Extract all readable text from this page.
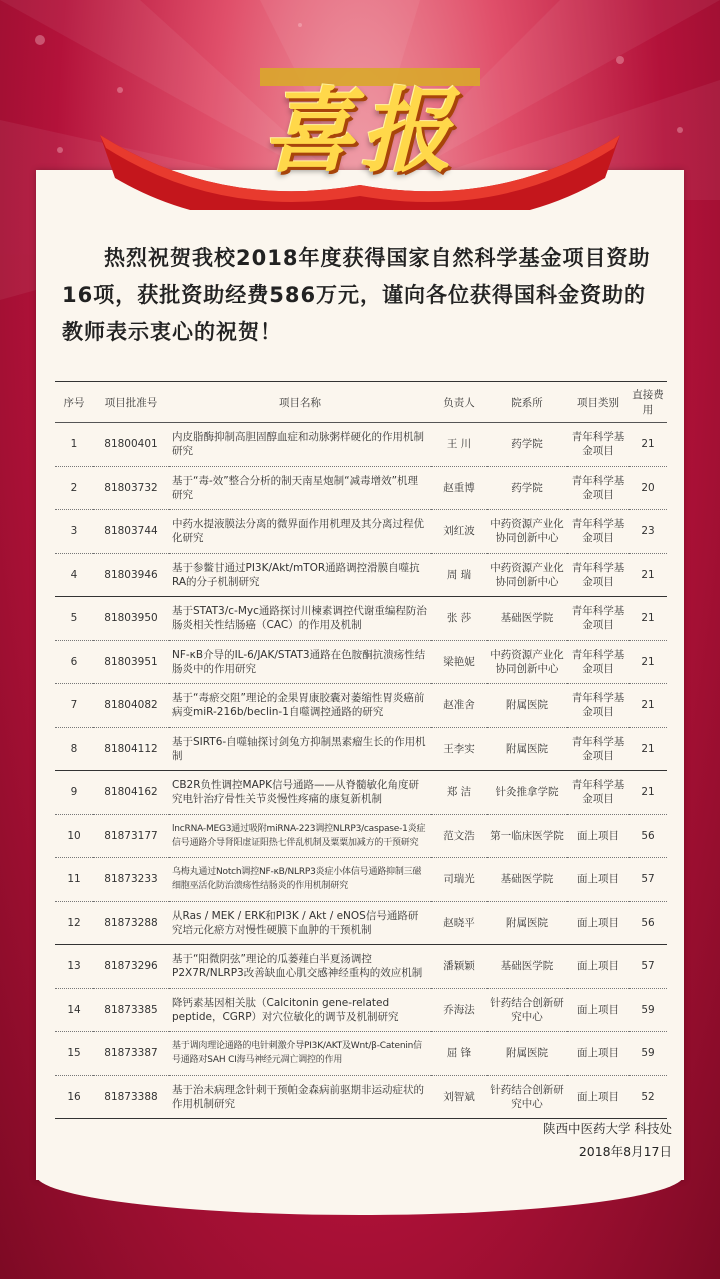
喜报
热烈祝贺我校2018年度获得国家自然科学基金项目资助16项，获批资助经费586万元，谨向各位获得国科金资助的教师表示衷心的祝贺！
序号	项目批准号	项目名称	负责人	院系所	项目类别	直接费用
1	81800401	内皮脂酶抑制高胆固醇血症和动脉粥样硬化的作用机制研究	王 川	药学院	青年科学基金项目	21
2	81803732	基于“毒-效”整合分析的制天南星炮制“减毒增效”机理研究	赵重博	药学院	青年科学基金项目	20
3	81803744	中药水提液膜法分离的微界面作用机理及其分离过程优化研究	刘红波	中药资源产业化协同创新中心	青年科学基金项目	23
4	81803946	基于参鳖甘通过PI3K/Akt/mTOR通路调控滑膜自噬抗RA的分子机制研究	周 瑞	中药资源产业化协同创新中心	青年科学基金项目	21
5	81803950	基于STAT3/c-Myc通路探讨川楝素调控代谢重编程防治肠炎相关性结肠癌（CAC）的作用及机制	张 莎	基础医学院	青年科学基金项目	21
6	81803951	NF-κB介导的IL-6/JAK/STAT3通路在色胺酮抗溃疡性结肠炎中的作用研究	梁艳妮	中药资源产业化协同创新中心	青年科学基金项目	21
7	81804082	基于“毒瘀交阻”理论的金果胃康胶囊对萎缩性胃炎癌前病变miR-216b/beclin-1自噬调控通路的研究	赵准舍	附属医院	青年科学基金项目	21
8	81804112	基于SIRT6-自噬轴探讨剑兔方抑制黑素瘤生长的作用机制	王李实	附属医院	青年科学基金项目	21
9	81804162	CB2R负性调控MAPK信号通路——从脊髓敏化角度研究电针治疗骨性关节炎慢性疼痛的康复新机制	郑 洁	针灸推拿学院	青年科学基金项目	21
10	81873177	lncRNA-MEG3通过吸附miRNA-223调控NLRP3/caspase-1炎症信号通路介导肾阳虚证阳热七伴乱机制及粟粟加减方的干预研究	范文浩	第一临床医学院	面上项目	56
11	81873233	乌梅丸通过Notch调控NF-κB/NLRP3炎症小体信号通路抑制三磁细胞巫活化防治溃疡性结肠炎的作用机制研究	司瑞光	基础医学院	面上项目	57
12	81873288	从Ras / MEK / ERK和PI3K / Akt / eNOS信号通路研究培元化瘀方对慢性硬膜下血肿的干预机制	赵晓平	附属医院	面上项目	56
13	81873296	基于“阳微阴弦”理论的瓜蒌薤白半夏汤调控P2X7R/NLRP3改善缺血心肌交感神经重构的效应机制	潘颖颖	基础医学院	面上项目	57
14	81873385	降钙素基因相关肽（Calcitonin gene-related peptide，CGRP）对穴位敏化的调节及机制研究	乔海法	针药结合创新研究中心	面上项目	59
15	81873387	基于调肉理论通路的电针刺激介导PI3K/AKT及Wnt/β-Catenin信号通路对SAH CI海马神经元凋亡调控的作用	屈 锋	附属医院	面上项目	59
16	81873388	基于治未病理念针刺干预帕金森病前驱期非运动症状的作用机制研究	刘智斌	针药结合创新研究中心	面上项目	52
陕西中医药大学 科技处
2018年8月17日
